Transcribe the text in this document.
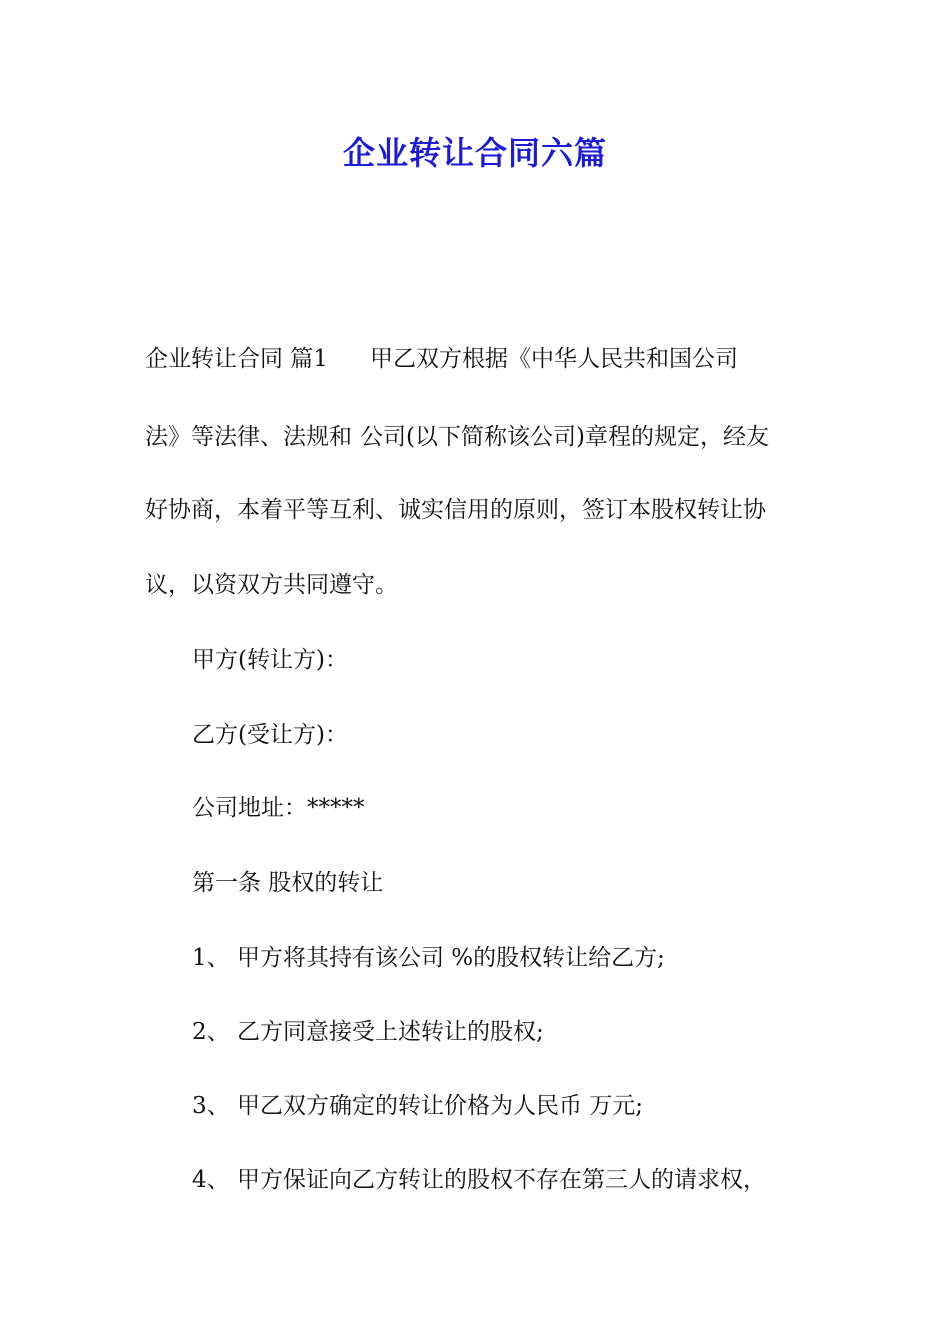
企业转让合同六篇

企业转让合同 篇1 甲乙双方根据《中华人民共和国公司

法》等法律、法规和 公司(以下简称该公司)章程的规定，经友

好协商，本着平等互利、诚实信用的原则，签订本股权转让协

议，以资双方共同遵守。

甲方(转让方)：

乙方(受让方)：

公司地址：*****

第一条 股权的转让

1、 甲方将其持有该公司 %的股权转让给乙方;

2、 乙方同意接受上述转让的股权;

3、 甲乙双方确定的转让价格为人民币 万元;

4、 甲方保证向乙方转让的股权不存在第三人的请求权，
